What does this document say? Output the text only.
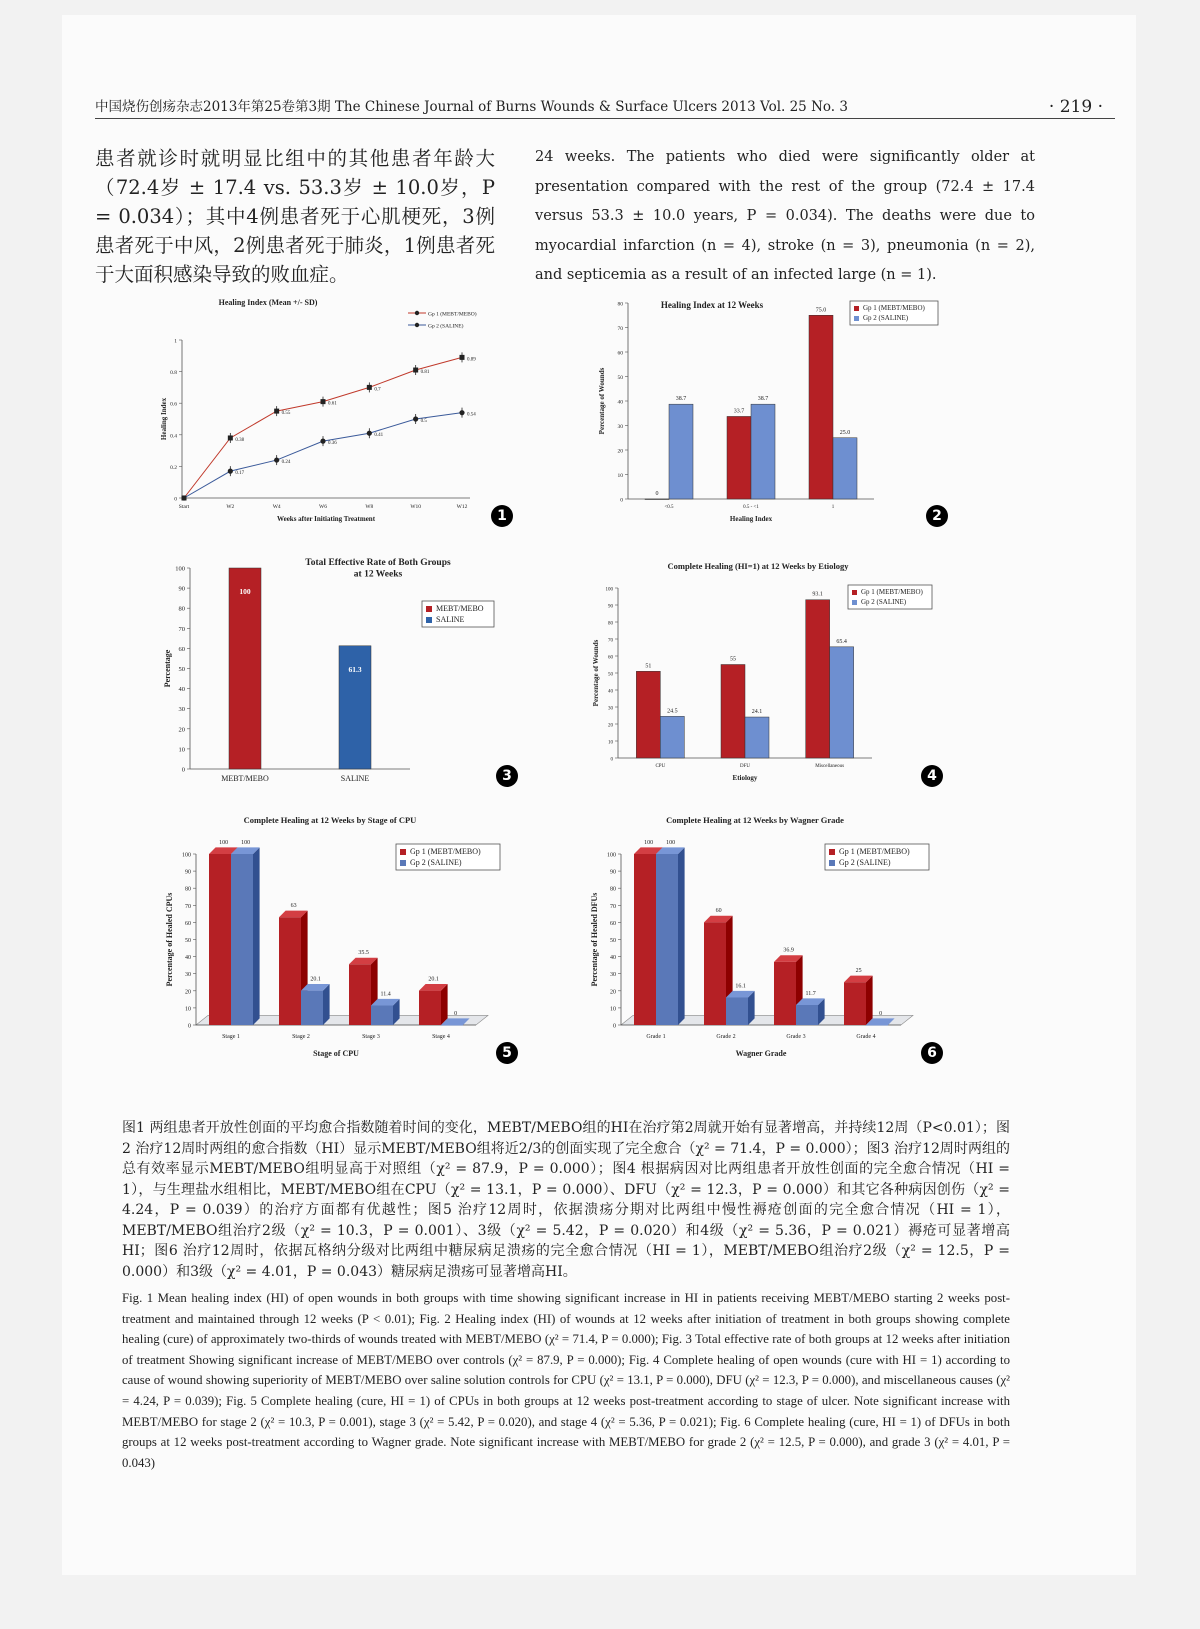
中国烧伤创疡杂志2013年第25卷第3期 The Chinese Journal of Burns Wounds & Surface Ulcers 2013 Vol. 25 No. 3	· 219 ·
患者就诊时就明显比组中的其他患者年龄大（72.4岁 ± 17.4 vs. 53.3岁 ± 10.0岁，P = 0.034）；其中4例患者死于心肌梗死，3例患者死于中风，2例患者死于肺炎，1例患者死于大面积感染导致的败血症。
24 weeks. The patients who died were significantly older at presentation compared with the rest of the group (72.4 ± 17.4 versus 53.3 ± 10.0 years, P = 0.034). The deaths were due to myocardial infarction (n = 4), stroke (n = 3), pneumonia (n = 2), and septicemia as a result of an infected large (n = 1).
Healing Index (Mean +/- SD)
0
0.2
0.4
0.6
0.8
1
Start	W2	W4	W6	W8	W10	W12
0.38
0.55
0.61
0.7
0.81
0.89
0.17
0.24
0.36
0.41
0.5
0.54
Gp 1 (MEBT/MEBO)
Gp 2 (SALINE)
Weeks after Initiating Treatment
Healing Index
1
Healing Index at 12 Weeks
0
10
20
30
40
50
60
70
80
0
38.7
<0.5
33.7
38.7
0.5 - <1
75.0
25.0
1
Healing Index
Percentage of Wounds
Gp 1 (MEBT/MEBO)
Gp 2 (SALINE)
2
Total Effective Rate of Both Groups
at 12 Weeks
0
10
20
30
40
50
60
70
80
90
100
100
MEBT/MEBO
61.3
SALINE
Percentage
MEBT/MEBO
SALINE
3
Complete Healing (HI=1) at 12 Weeks by Etiology
0
10
20
30
40
50
60
70
80
90
100
51
24.5
CPU
55
24.1
DFU
93.1
65.4
Miscellaneous
Etiology
Percentage of Wounds
Gp 1 (MEBT/MEBO)
Gp 2 (SALINE)
4
Complete Healing at 12 Weeks by Stage of CPU
0
10
20
30
40
50
60
70
80
90
100
100 100
Stage 1
63
20.1
Stage 2
35.5
11.4
Stage 3
20.1
0
Stage 4
Stage of CPU
Percentage of Healed CPUs
Gp 1 (MEBT/MEBO)
Gp 2 (SALINE)
5
Complete Healing at 12 Weeks by Wagner Grade
0
10
20
30
40
50
60
70
80
90
100
100 100
Grade 1
60
16.1
Grade 2
36.9
11.7
Grade 3
25
0
Grade 4
Wagner Grade
Percentage of Healed DFUs
Gp 1 (MEBT/MEBO)
Gp 2 (SALINE)
6

图1 两组患者开放性创面的平均愈合指数随着时间的变化，MEBT/MEBO组的HI在治疗第2周就开始有显著增高，并持续12周（P<0.01）；图2 治疗12周时两组的愈合指数（HI）显示MEBT/MEBO组将近2/3的创面实现了完全愈合（χ² = 71.4，P = 0.000）；图3 治疗12周时两组的总有效率显示MEBT/MEBO组明显高于对照组（χ² = 87.9，P = 0.000）；图4 根据病因对比两组患者开放性创面的完全愈合情况（HI = 1），与生理盐水组相比，MEBT/MEBO组在CPU（χ² = 13.1，P = 0.000）、DFU（χ² = 12.3，P = 0.000）和其它各种病因创伤（χ² = 4.24，P = 0.039）的治疗方面都有优越性；图5 治疗12周时，依据溃疡分期对比两组中慢性褥疮创面的完全愈合情况（HI = 1），MEBT/MEBO组治疗2级（χ² = 10.3，P = 0.001）、3级（χ² = 5.42，P = 0.020）和4级（χ² = 5.36，P = 0.021）褥疮可显著增高HI；图6 治疗12周时，依据瓦格纳分级对比两组中糖尿病足溃疡的完全愈合情况（HI = 1），MEBT/MEBO组治疗2级（χ² = 12.5，P = 0.000）和3级（χ² = 4.01，P = 0.043）糖尿病足溃疡可显著增高HI。

Fig. 1 Mean healing index (HI) of open wounds in both groups with time showing significant increase in HI in patients receiving MEBT/MEBO starting 2 weeks post-treatment and maintained through 12 weeks (P < 0.01); Fig. 2 Healing index (HI) of wounds at 12 weeks after initiation of treatment in both groups showing complete healing (cure) of approximately two-thirds of wounds treated with MEBT/MEBO (χ² = 71.4, P = 0.000); Fig. 3 Total effective rate of both groups at 12 weeks after initiation of treatment Showing significant increase of MEBT/MEBO over controls (χ² = 87.9, P = 0.000); Fig. 4 Complete healing of open wounds (cure with HI = 1) according to cause of wound showing superiority of MEBT/MEBO over saline solution controls for CPU (χ² = 13.1, P = 0.000), DFU (χ² = 12.3, P = 0.000), and miscellaneous causes (χ² = 4.24, P = 0.039); Fig. 5 Complete healing (cure, HI = 1) of CPUs in both groups at 12 weeks post-treatment according to stage of ulcer. Note significant increase with MEBT/MEBO for stage 2 (χ² = 10.3, P = 0.001), stage 3 (χ² = 5.42, P = 0.020), and stage 4 (χ² = 5.36, P = 0.021); Fig. 6 Complete healing (cure, HI = 1) of DFUs in both groups at 12 weeks post-treatment according to Wagner grade. Note significant increase with MEBT/MEBO for grade 2 (χ² = 12.5, P = 0.000), and grade 3 (χ² = 4.01, P = 0.043)
